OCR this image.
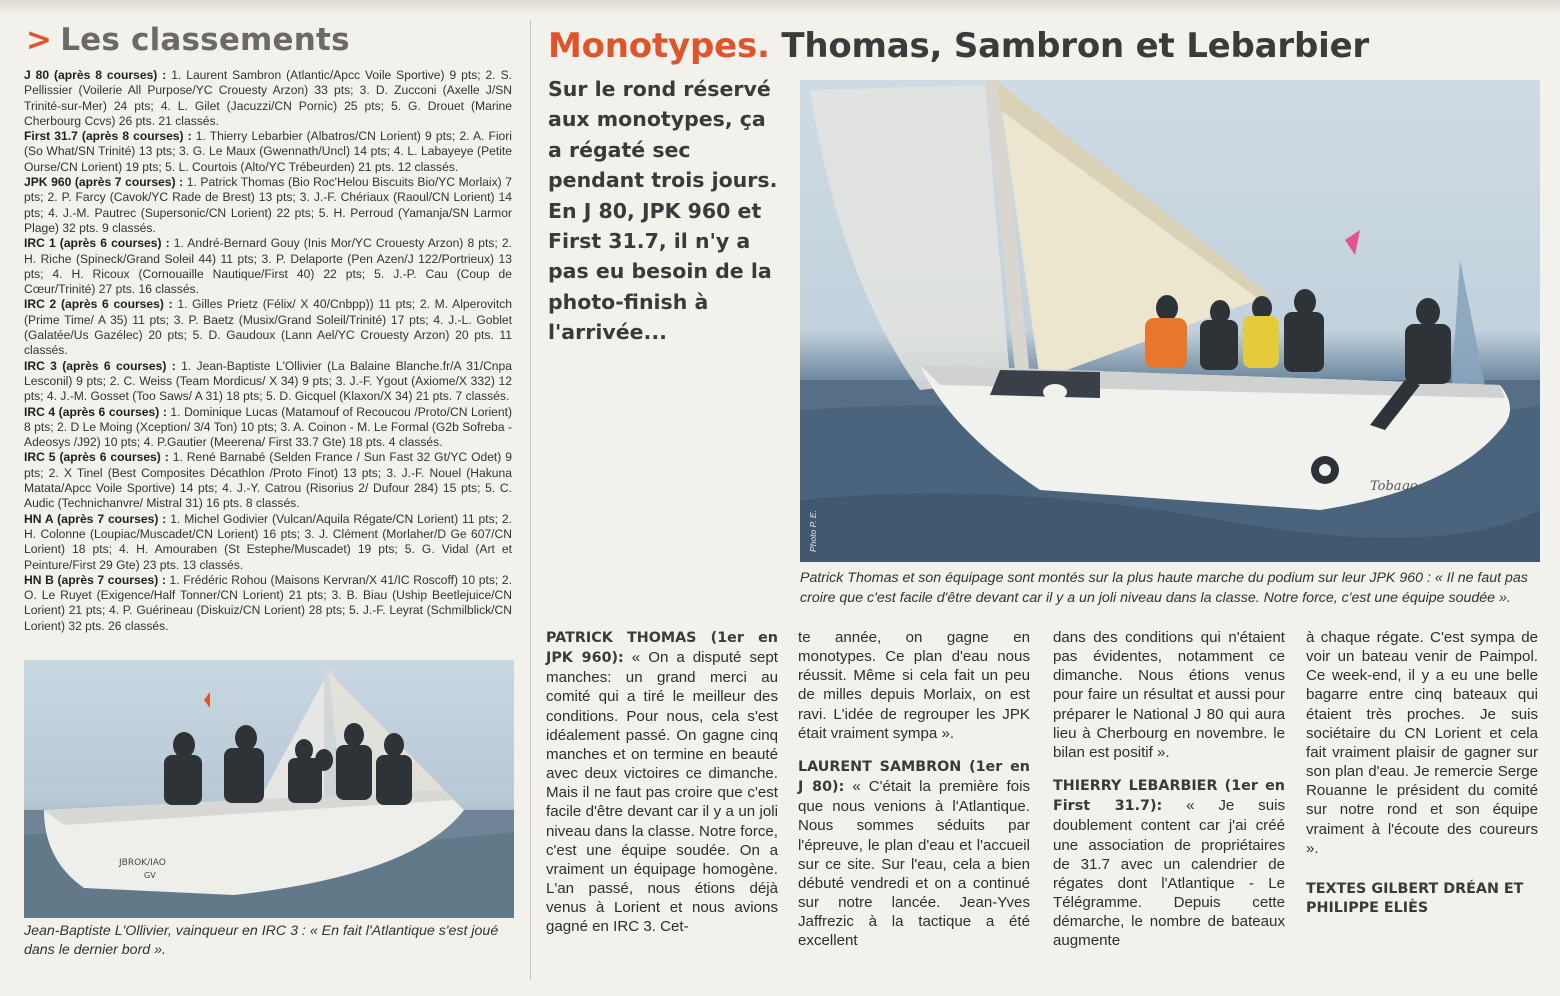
> Les classements

J 80 (après 8 courses) : 1. Laurent Sambron (Atlantic/Apcc Voile Sportive) 9 pts; 2. S. Pellissier (Voilerie All Purpose/YC Crouesty Arzon) 33 pts; 3. D. Zucconi (Axelle J/SN Trinité-sur-Mer) 24 pts; 4. L. Gilet (Jacuzzi/CN Pornic) 25 pts; 5. G. Drouet (Marine Cherbourg Ccvs) 26 pts. 21 classés.

First 31.7 (après 8 courses) : 1. Thierry Lebarbier (Albatros/CN Lorient) 9 pts; 2. A. Fiori (So What/SN Trinité) 13 pts; 3. G. Le Maux (Gwennath/Uncl) 14 pts; 4. L. Labayeye (Petite Ourse/CN Lorient) 19 pts; 5. L. Courtois (Alto/YC Trébeurden) 21 pts. 12 classés.

JPK 960 (après 7 courses) : 1. Patrick Thomas (Bio Roc'Helou Biscuits Bio/YC Morlaix) 7 pts; 2. P. Farcy (Cavok/YC Rade de Brest) 13 pts; 3. J.-F. Chériaux (Raoul/CN Lorient) 14 pts; 4. J.-M. Pautrec (Supersonic/CN Lorient) 22 pts; 5. H. Perroud (Yamanja/SN Larmor Plage) 32 pts. 9 classés.

IRC 1 (après 6 courses) : 1. André-Bernard Gouy (Inis Mor/YC Crouesty Arzon) 8 pts; 2. H. Riche (Spineck/Grand Soleil 44) 11 pts; 3. P. Delaporte (Pen Azen/J 122/Portrieux) 13 pts; 4. H. Ricoux (Cornouaille Nautique/First 40) 22 pts; 5. J.-P. Cau (Coup de Cœur/Trinité) 27 pts. 16 classés.

IRC 2 (après 6 courses) : 1. Gilles Prietz (Félix/ X 40/Cnbpp)) 11 pts; 2. M. Alperovitch (Prime Time/ A 35) 11 pts; 3. P. Baetz (Musix/Grand Soleil/Trinité) 17 pts; 4. J.-L. Goblet (Galatée/Us Gazélec) 20 pts; 5. D. Gaudoux (Lann Ael/YC Crouesty Arzon) 20 pts. 11 classés.

IRC 3 (après 6 courses) : 1. Jean-Baptiste L'Ollivier (La Balaine Blanche.fr/A 31/Cnpa Lesconil) 9 pts; 2. C. Weiss (Team Mordicus/ X 34) 9 pts; 3. J.-F. Ygout (Axiome/X 332) 12 pts; 4. J.-M. Gosset (Too Saws/ A 31) 18 pts; 5. D. Gicquel (Klaxon/X 34) 21 pts. 7 classés.

IRC 4 (après 6 courses) : 1. Dominique Lucas (Matamouf of Recoucou /Proto/CN Lorient) 8 pts; 2. D Le Moing (Xception/ 3/4 Ton) 10 pts; 3. A. Coinon - M. Le Formal (G2b Sofreba - Adeosys /J92) 10 pts; 4. P.Gautier (Meerena/ First 33.7 Gte) 18 pts. 4 classés.

IRC 5 (après 6 courses) : 1. René Barnabé (Selden France / Sun Fast 32 Gt/YC Odet) 9 pts; 2. X Tinel (Best Composites Décathlon /Proto Finot) 13 pts; 3. J.-F. Nouel (Hakuna Matata/Apcc Voile Sportive) 14 pts; 4. J.-Y. Catrou (Risorius 2/ Dufour 284) 15 pts; 5. C. Audic (Technichanvre/ Mistral 31) 16 pts. 8 classés.

HN A (après 7 courses) : 1. Michel Godivier (Vulcan/Aquila Régate/CN Lorient) 11 pts; 2. H. Colonne (Loupiac/Muscadet/CN Lorient) 16 pts; 3. J. Clément (Morlaher/D Ge 607/CN Lorient) 18 pts; 4. H. Amouraben (St Estephe/Muscadet) 19 pts; 5. G. Vidal (Art et Peinture/First 29 Gte) 23 pts. 13 classés.

HN B (après 7 courses) : 1. Frédéric Rohou (Maisons Kervran/X 41/IC Roscoff) 10 pts; 2. O. Le Ruyet (Exigence/Half Tonner/CN Lorient) 21 pts; 3. B. Biau (Uship Beetlejuice/CN Lorient) 21 pts; 4. P. Guérineau (Diskuiz/CN Lorient) 28 pts; 5. J.-F. Leyrat (Schmilblick/CN Lorient) 32 pts. 26 classés.

JBROK/IAO
GV
Jean-Baptiste L'Ollivier, vainqueur en IRC 3 : « En fait l'Atlantique s'est joué dans le dernier bord ».
Monotypes. Thomas, Sambron et Lebarbier
Sur le rond réservé aux monotypes, ça a régaté sec pendant trois jours. En J 80, JPK 960 et First 31.7, il n'y a pas eu besoin de la photo-finish à l'arrivée...
Tobago
Photo P. E.
Patrick Thomas et son équipage sont montés sur la plus haute marche du podium sur leur JPK 960 : « Il ne faut pas croire que c'est facile d'être devant car il y a un joli niveau dans la classe. Notre force, c'est une équipe soudée ».

PATRICK THOMAS (1er en JPK 960): « On a disputé sept manches: un grand merci au comité qui a tiré le meilleur des conditions. Pour nous, cela s'est idéalement passé. On gagne cinq manches et on termine en beauté avec deux victoires ce dimanche. Mais il ne faut pas croire que c'est facile d'être devant car il y a un joli niveau dans la classe. Notre force, c'est une équipe soudée. On a vraiment un équipage homogène. L'an passé, nous étions déjà venus à Lorient et nous avions gagné en IRC 3. Cet-

te année, on gagne en monotypes. Ce plan d'eau nous réussit. Même si cela fait un peu de milles depuis Morlaix, on est ravi. L'idée de regrouper les JPK était vraiment sympa ».

LAURENT SAMBRON (1er en J 80): « C'était la première fois que nous venions à l'Atlantique. Nous sommes séduits par l'épreuve, le plan d'eau et l'accueil sur ce site. Sur l'eau, cela a bien débuté vendredi et on a continué sur notre lancée. Jean-Yves Jaffrezic à la tactique a été excellent

dans des conditions qui n'étaient pas évidentes, notamment ce dimanche. Nous étions venus pour faire un résultat et aussi pour préparer le National J 80 qui aura lieu à Cherbourg en novembre. le bilan est positif ».

THIERRY LEBARBIER (1er en First 31.7): « Je suis doublement content car j'ai créé une association de propriétaires de 31.7 avec un calendrier de régates dont l'Atlantique - Le Télégramme. Depuis cette démarche, le nombre de bateaux augmente

à chaque régate. C'est sympa de voir un bateau venir de Paimpol. Ce week-end, il y a eu une belle bagarre entre cinq bateaux qui étaient très proches. Je suis sociétaire du CN Lorient et cela fait vraiment plaisir de gagner sur son plan d'eau. Je remercie Serge Rouanne le président du comité sur notre rond et son équipe vraiment à l'écoute des coureurs ».

TEXTES GILBERT DRÉAN ET PHILIPPE ELIÈS
